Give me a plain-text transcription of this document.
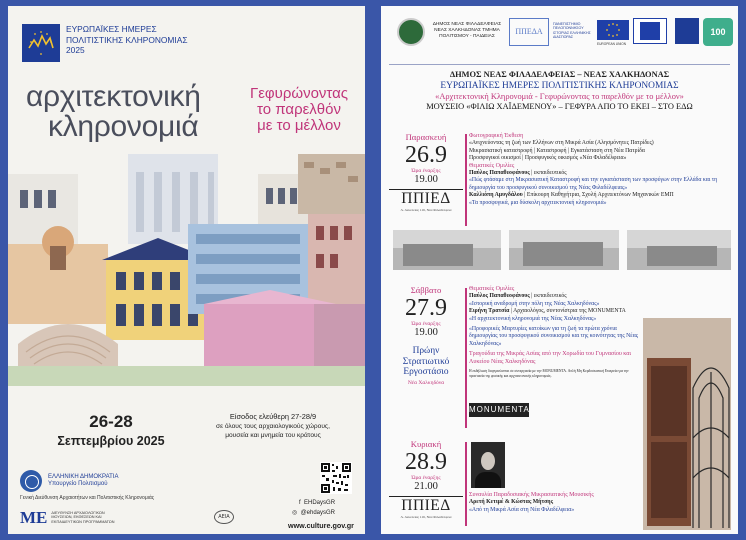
ΕΥΡΩΠΑΪΚΕΣ ΗΜΕΡΕΣ
ΠΟΛΙΤΙΣΤΙΚΗΣ ΚΛΗΡΟΝΟΜΙΑΣ
2025
αρχιτεκτονική
κληρονομιά
Γεφυρώνοντας
το παρελθόν
με το μέλλον
26-28
Σεπτεμβρίου 2025
Είσοδος ελεύθερη 27-28/9
σε όλους τους αρχαιολογικούς χώρους,
μουσεία και μνημεία του κράτους
ΕΛΛΗΝΙΚΗ ΔΗΜΟΚΡΑΤΙΑ
Υπουργείο Πολιτισμού
Γενική Διεύθυνση Αρχαιοτήτων και Πολιτιστικής Κληρονομιάς
ΜΕ ΔΙΕΥΘΥΝΣΗ ΑΡΧΑΙΟΛΟΓΙΚΩΝ ΜΟΥΣΕΙΩΝ, ΕΚΘΕΣΕΩΝ ΚΑΙ ΕΚΠΑΙΔΕΥΤΙΚΩΝ ΠΡΟΓΡΑΜΜΑΤΩΝ
ΑΕΙΑ
f  EHDaysGR
◎  @ehdaysGR
www.culture.gov.gr
ΔΗΜΟΣ ΝΕΑΣ ΦΙΛΑΔΕΛΦΕΙΑΣ ΝΕΑΣ ΧΑΛΚΗΔΟΝΑΣ ΤΜΗΜΑ ΠΟΛΙΤΙΣΜΟΥ - ΠΑΙΔΕΙΑΣ
ΠΠΕΔΑ
ΠΑΝΕΠΙΣΤΗΜΙΟ ΠΕΛΟΠΟΝΝΗΣΟΥ ΙΣΤΟΡΙΑΣ ΕΛΛΗΝΙΚΗΣ ΔΙΑΣΠΟΡΑΣ
EUROPEAN UNION
100
ΔΗΜΟΣ ΝΕΑΣ ΦΙΛΑΔΕΛΦΕΙΑΣ – ΝΕΑΣ ΧΑΛΚΗΔΟΝΑΣ
ΕΥΡΩΠΑΪΚΕΣ ΗΜΕΡΕΣ ΠΟΛΙΤΙΣΤΙΚΗΣ ΚΛΗΡΟΝΟΜΙΑΣ
«Αρχιτεκτονική Κληρονομιά - Γεφυρώνοντας το παρελθόν με το μέλλον»
ΜΟΥΣΕΙΟ «ΦΙΛΙΩ ΧΑΪΔΕΜΕΝΟΥ» – ΓΕΦΥΡΑ ΑΠΟ ΤΟ ΕΚΕΙ – ΣΤΟ ΕΔΩ
Παρασκευή
26.9
Ώρα έναρξης
19.00
ΠΠΙΕΔ
Λ. Δεκελείας 116, Νέα Φιλαδέλφεια
Φωτογραφική Έκθεση
«Ανιχνεύοντας τη ζωή των Ελλήνων στη Μικρά Ασία (Αλησμόνητες Πατρίδες)
Μικρασιατική καταστροφή | Καταστροφή | Εγκατάσταση στη Νέα Πατρίδα
Προσφυγικοί οικισμοί | Προσφυγικός οικισμός «Νέα Φιλαδέλφεια»
Θεματικές Ομιλίες
Παύλος Παπαθεοφάνους | εκπαιδευτικός
«Πώς φτάσαμε στη Μικρασιατική Καταστροφή και την εγκατάσταση των προσφύγων στην Ελλάδα και τη δημιουργία του προσφυγικού συνοικισμού της Νέας Φιλαδέλφειας»
Καλλιόπη Αμυγδάλου | Επίκουρη Καθηγήτρια, Σχολή Αρχιτεκτόνων Μηχανικών ΕΜΠ
«Τα προσφυγικά, μια δύσκολη αρχιτεκτονική κληρονομιά»
Σάββατο
27.9
Ώρα έναρξης
19.00
Πρώην Στρατιωτικό Εργοστάσιο
Νέα Χαλκηδόνα
Θεματικές Ομιλίες
Παύλος Παπαθεοφάνους | εκπαιδευτικός
«Ιστορική αναδρομή στην πόλη της Νέας Χαλκηδόνας»
Ειρήνη Τρατσία | Αρχαιολόγος, συντονίστρια της MONUMENTA
«Η αρχιτεκτονική κληρονομιά της Νέας Χαλκηδόνας»
«Προφορικές Μαρτυρίες κατοίκων για τη ζωή τα πρώτα χρόνια δημιουργίας του προσφυγικού συνοικισμού και της κοινότητας της Νέας Χαλκηδόνας»
Τραγούδια της Μικράς Ασίας από την Χορωδία του Γυμνασίου και Λυκείου Νέας Χαλκηδόνας
Η εκδήλωση διοργανώνεται σε συνεργασία με την MONUMENTA. Απλή Μη Κερδοσκοπική Εταιρεία για την προστασία της φυσικής και αρχιτεκτονικής κληρονομιάς.
MONUMENTA
Κυριακή
28.9
Ώρα έναρξης
21.00
ΠΠΙΕΔ
Λ. Δεκελείας 116, Νέα Φιλαδέλφεια
Συναυλία Παραδοσιακής Μικρασιατικής Μουσικής
Αρετή Κετιμέ & Κώστας Μήτσης
«Από τη Μικρά Ασία στη Νέα Φιλαδέλφεια»
